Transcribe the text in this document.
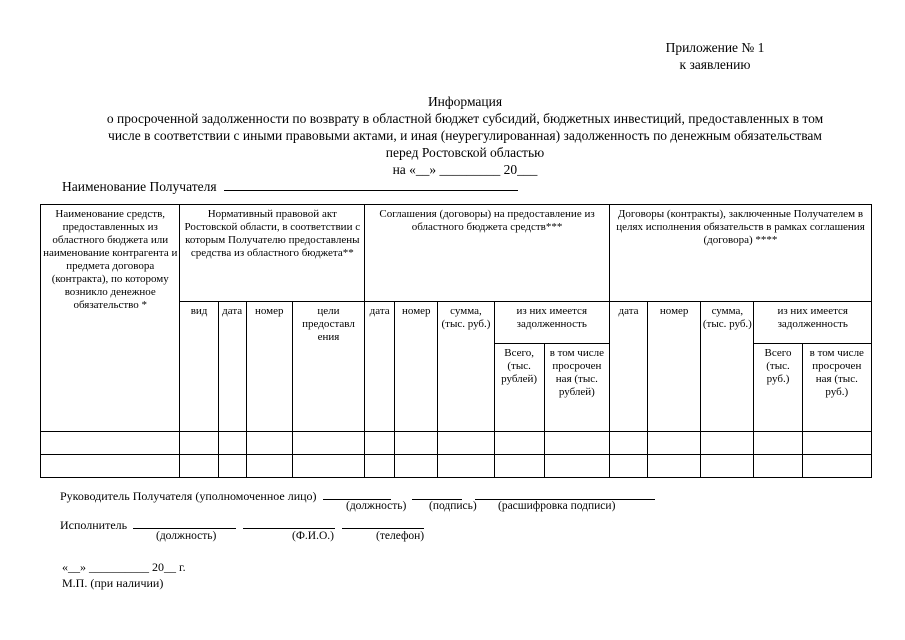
Приложение № 1
к заявлению
Информация
о просроченной задолженности по возврату в областной бюджет субсидий, бюджетных инвестиций, предоставленных в том
числе в соответствии с иными правовыми актами, и иная (неурегулированная) задолженность по денежным обязательствам
перед Ростовской областью
на «__» _________ 20___
Наименование Получателя
Наименование средств, предоставленных из областного бюджета или наименование контрагента и предмета договора (контракта), по которому возникло денежное обязательство *	Нормативный правовой акт Ростовской области, в соответствии с которым Получателю предоставлены средства из областного бюджета**				Соглашения (договоры) на предоставление из областного бюджета средств***					Договоры (контракты), заключенные Получателем в целях исполнения обязательств в рамках соглашения (договора) ****				
	вид	дата	номер	цели предоставл ения	дата	номер	сумма, (тыс. руб.)	из них имеется задолженность		дата	номер	сумма, (тыс. руб.)	из них имеется задолженность	
								Всего, (тыс. рублей)	в том числе просрочен ная (тыс. рублей)				Всего (тыс. руб.)	в том числе просрочен ная (тыс. руб.)

Руководитель Получателя (уполномоченное лицо)
(должность) (подпись) (расшифровка подписи)
Исполнитель
(должность)	(Ф.И.О.)	(телефон)
«__» __________ 20__ г.
М.П. (при наличии)
